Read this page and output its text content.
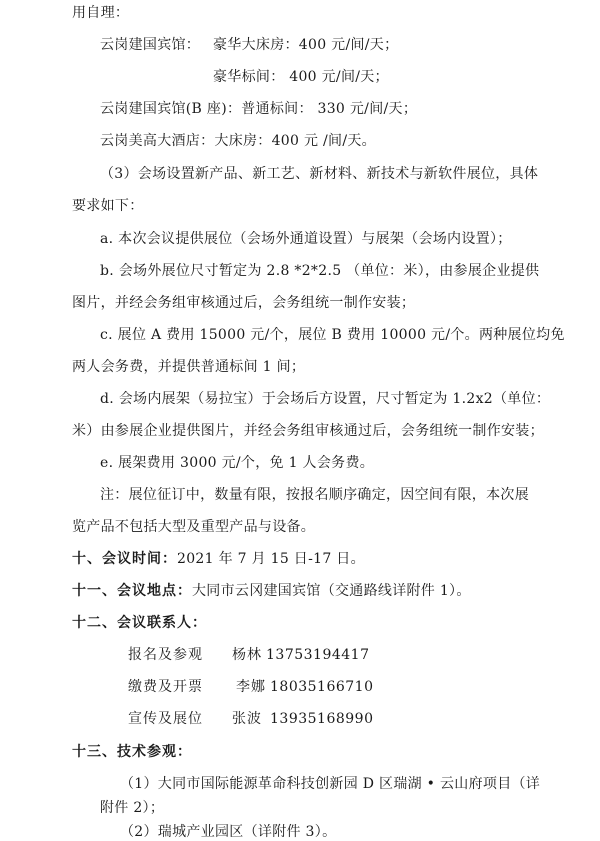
用自理：
云岗建国宾馆： 豪华大床房：400 元/间/天；
豪华标间： 400 元/间/天；
云岗建国宾馆(B 座)：普通标间： 330 元/间/天；
云岗美高大酒店：大床房：400 元 /间/天。
（3）会场设置新产品、新工艺、新材料、新技术与新软件展位，具体
要求如下：
a. 本次会议提供展位（会场外通道设置）与展架（会场内设置）；
b. 会场外展位尺寸暂定为 2.8 *2*2.5 （单位：米），由参展企业提供
图片，并经会务组审核通过后，会务组统一制作安装；
c. 展位 A 费用 15000 元/个，展位 B 费用 10000 元/个。两种展位均免
两人会务费，并提供普通标间 1 间；
d. 会场内展架（易拉宝）于会场后方设置，尺寸暂定为 1.2x2（单位：
米）由参展企业提供图片，并经会务组审核通过后，会务组统一制作安装；
e. 展架费用 3000 元/个，免 1 人会务费。
注：展位征订中，数量有限，按报名顺序确定，因空间有限，本次展
览产品不包括大型及重型产品与设备。
十、会议时间：2021 年 7 月 15 日-17 日。
十一、会议地点：大同市云冈建国宾馆（交通路线详附件 1）。
十二、会议联系人：
报名及参观 杨林 13753194417
缴费及开票 李娜 18035166710
宣传及展位 张波 13935168990
十三、技术参观：
（1）大同市国际能源革命科技创新园 D 区瑞湖 • 云山府项目（详
附件 2）；
（2）瑞城产业园区（详附件 3）。
